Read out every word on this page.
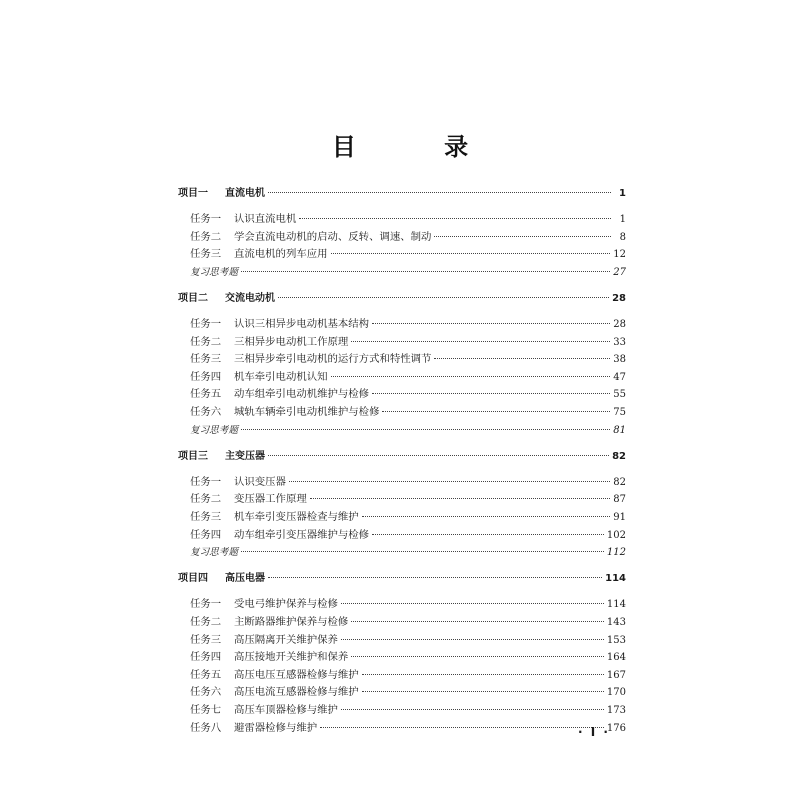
目 录
项目一	直流电机	1
任务一	认识直流电机	1
任务二	学会直流电动机的启动、反转、调速、制动	8
任务三	直流电机的列车应用	12
复习思考题	27
项目二	交流电动机	28
任务一	认识三相异步电动机基本结构	28
任务二	三相异步电动机工作原理	33
任务三	三相异步牵引电动机的运行方式和特性调节	38
任务四	机车牵引电动机认知	47
任务五	动车组牵引电动机维护与检修	55
任务六	城轨车辆牵引电动机维护与检修	75
复习思考题	81
项目三	主变压器	82
任务一	认识变压器	82
任务二	变压器工作原理	87
任务三	机车牵引变压器检查与维护	91
任务四	动车组牵引变压器维护与检修	102
复习思考题	112
项目四	高压电器	114
任务一	受电弓维护保养与检修	114
任务二	主断路器维护保养与检修	143
任务三	高压隔离开关维护保养	153
任务四	高压接地开关维护和保养	164
任务五	高压电压互感器检修与维护	167
任务六	高压电流互感器检修与维护	170
任务七	高压车顶器检修与维护	173
任务八	避雷器检修与维护	176
· I ·
